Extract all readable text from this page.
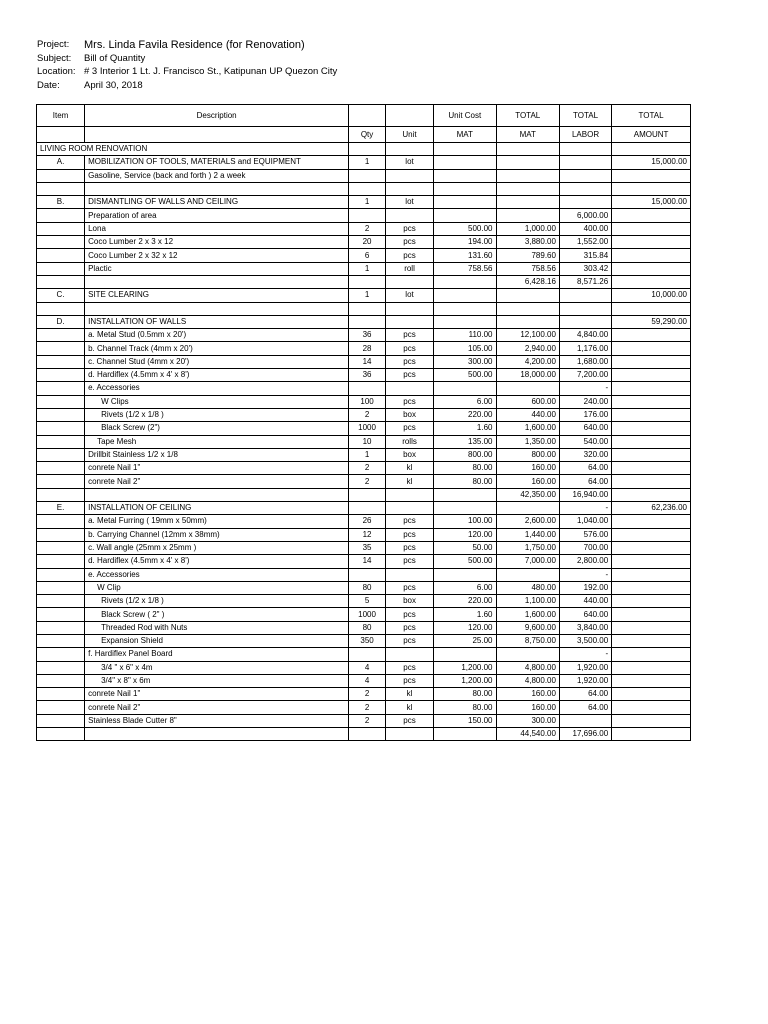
Project:	Mrs. Linda Favila Residence (for Renovation)
Subject:	Bill of Quantity
Location: # 3 Interior 1 Lt. J. Francisco St., Katipunan UP Quezon City
Date:	April 30, 2018
Item	Description			Unit Cost	TOTAL	TOTAL	TOTAL
		Qty	Unit	MAT	MAT	LABOR	AMOUNT
LIVING ROOM RENOVATION							
A.	MOBILIZATION OF TOOLS, MATERIALS and EQUIPMENT	1	lot				15,000.00
	Gasoline, Service (back and forth ) 2 a week						

B.	DISMANTLING OF WALLS AND CEILING	1	lot				15,000.00
	Preparation of area					6,000.00	
	Lona	2	pcs	500.00	1,000.00	400.00	
	Coco Lumber 2 x 3 x 12	20	pcs	194.00	3,880.00	1,552.00	
	Coco Lumber 2 x 32 x 12	6	pcs	131.60	789.60	315.84	
	Plactic	1	roll	758.56	758.56	303.42	
					6,428.16	8,571.26	
C.	SITE CLEARING	1	lot				10,000.00

D.	INSTALLATION OF WALLS						59,290.00
	a. Metal Stud (0.5mm x 20')	36	pcs	110.00	12,100.00	4,840.00	
	b. Channel Track (4mm x 20')	28	pcs	105.00	2,940.00	1,176.00	
	c. Channel Stud (4mm x 20')	14	pcs	300.00	4,200.00	1,680.00	
	d. Hardiflex (4.5mm x 4' x 8')	36	pcs	500.00	18,000.00	7,200.00	
	e. Accessories					-	
	W Clips	100	pcs	6.00	600.00	240.00	
	Rivets (1/2 x 1/8 )	2	box	220.00	440.00	176.00	
	Black Screw (2")	1000	pcs	1.60	1,600.00	640.00	
	Tape Mesh	10	rolls	135.00	1,350.00	540.00	
	Drillbit Stainless 1/2 x 1/8	1	box	800.00	800.00	320.00	
	conrete Nail 1"	2	kl	80.00	160.00	64.00	
	conrete Nail 2"	2	kl	80.00	160.00	64.00	
					42,350.00	16,940.00	
E.	INSTALLATION OF CEILING					-	62,236.00
	a. Metal Furring ( 19mm x 50mm)	26	pcs	100.00	2,600.00	1,040.00	
	b. Carrying Channel (12mm x 38mm)	12	pcs	120.00	1,440.00	576.00	
	c. Wall angle (25mm x 25mm )	35	pcs	50.00	1,750.00	700.00	
	d. Hardiflex (4.5mm x 4' x 8')	14	pcs	500.00	7,000.00	2,800.00	
	e. Accessories					-	
	W Clip	80	pcs	6.00	480.00	192.00	
	Rivets (1/2 x 1/8 )	5	box	220.00	1,100.00	440.00	
	Black Screw ( 2" )	1000	pcs	1.60	1,600.00	640.00	
	Threaded Rod with Nuts	80	pcs	120.00	9,600.00	3,840.00	
	Expansion Shield	350	pcs	25.00	8,750.00	3,500.00	
	f. Hardiflex Panel Board					-	
	3/4 " x 6" x 4m	4	pcs	1,200.00	4,800.00	1,920.00	
	3/4" x 8" x 6m	4	pcs	1,200.00	4,800.00	1,920.00	
	conrete Nail 1"	2	kl	80.00	160.00	64.00	
	conrete Nail 2"	2	kl	80.00	160.00	64.00	
	Stainless Blade Cutter 8"	2	pcs	150.00	300.00		
					44,540.00	17,696.00	
